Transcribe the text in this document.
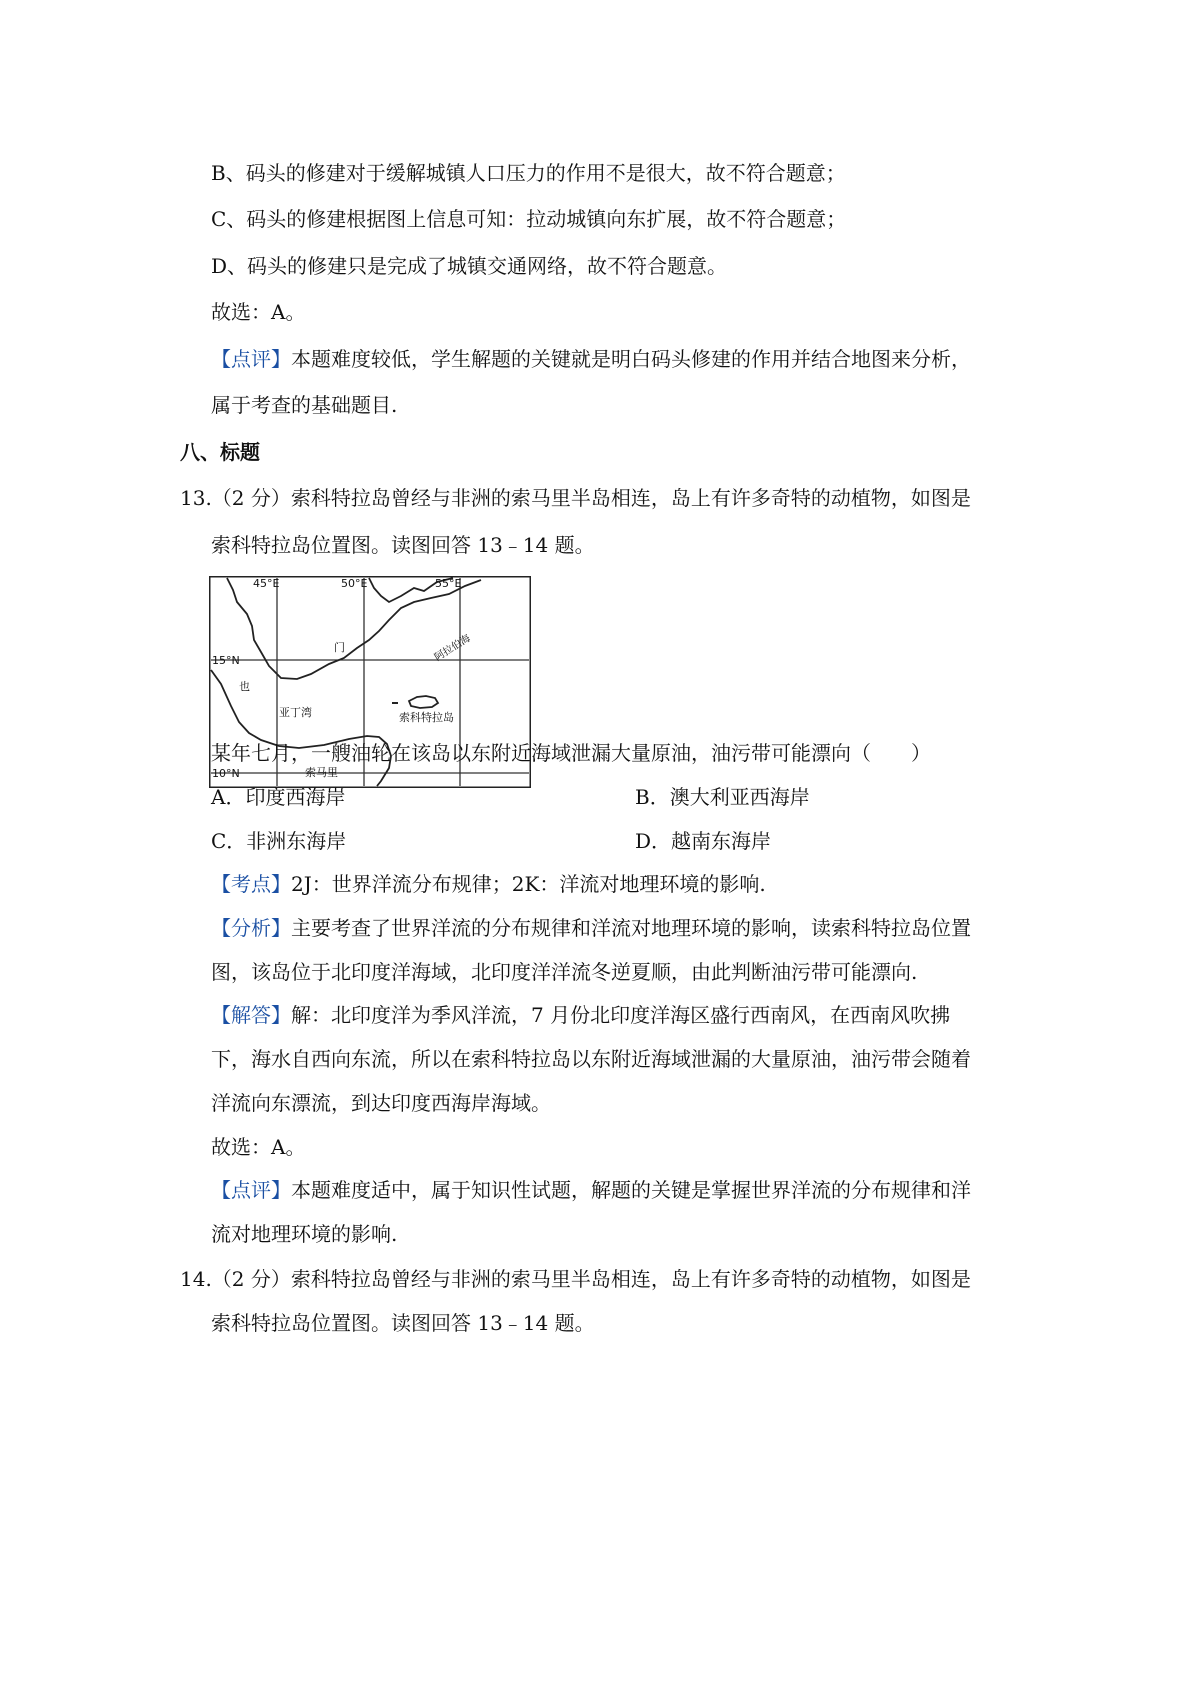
B、码头的修建对于缓解城镇人口压力的作用不是很大，故不符合题意；
C、码头的修建根据图上信息可知：拉动城镇向东扩展，故不符合题意；
D、码头的修建只是完成了城镇交通网络，故不符合题意。
故选：A。
【点评】本题难度较低，学生解题的关键就是明白码头修建的作用并结合地图来分析，
属于考查的基础题目.
八、标题
13.（2 分）索科特拉岛曾经与非洲的索马里半岛相连，岛上有许多奇特的动植物，如图是
索科特拉岛位置图。读图回答 13﹣14 题。
45°E	50°E	55°E
15°N
10°N
门
也
阿拉伯海
亚丁湾	索科特拉岛
索马里
某年七月，一艘油轮在该岛以东附近海域泄漏大量原油，油污带可能漂向（　　）
A．印度西海岸	B．澳大利亚西海岸
C．非洲东海岸	D．越南东海岸
【考点】2J：世界洋流分布规律；2K：洋流对地理环境的影响.
【分析】主要考查了世界洋流的分布规律和洋流对地理环境的影响，读索科特拉岛位置
图，该岛位于北印度洋海域，北印度洋洋流冬逆夏顺，由此判断油污带可能漂向.
【解答】解：北印度洋为季风洋流，7 月份北印度洋海区盛行西南风，在西南风吹拂
下，海水自西向东流，所以在索科特拉岛以东附近海域泄漏的大量原油，油污带会随着
洋流向东漂流，到达印度西海岸海域。
故选：A。
【点评】本题难度适中，属于知识性试题，解题的关键是掌握世界洋流的分布规律和洋
流对地理环境的影响.
14.（2 分）索科特拉岛曾经与非洲的索马里半岛相连，岛上有许多奇特的动植物，如图是
索科特拉岛位置图。读图回答 13﹣14 题。
